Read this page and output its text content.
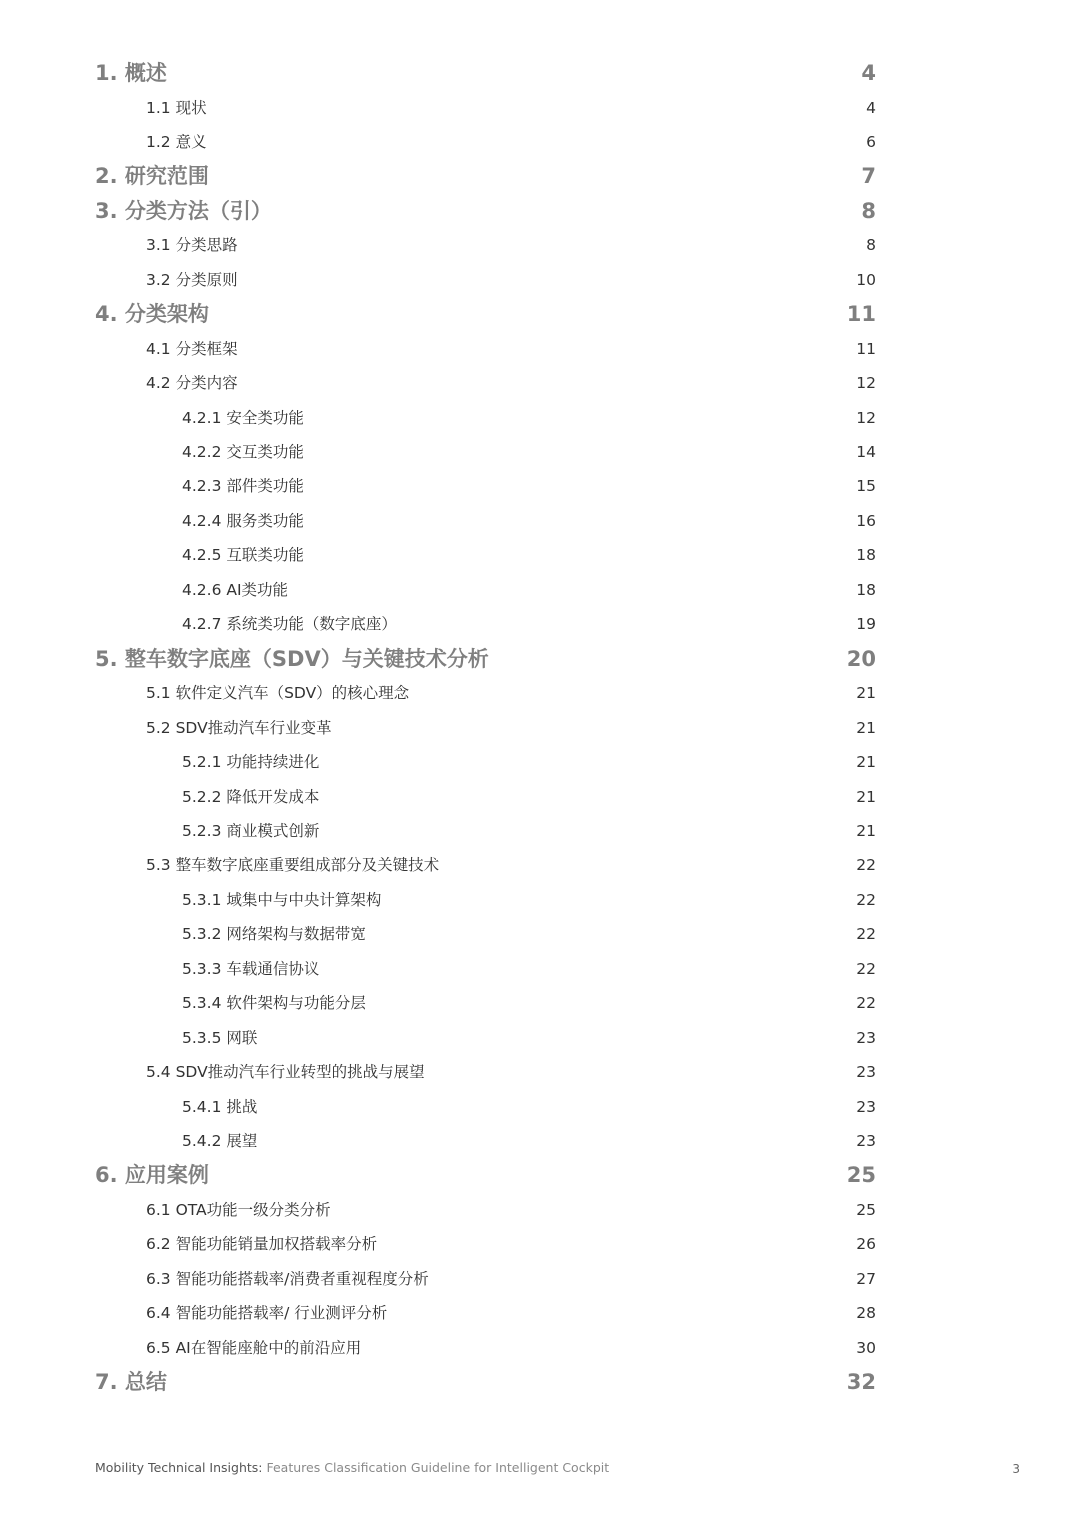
1. 概述	4
1.1 现状	4
1.2 意义	6
2. 研究范围	7
3. 分类方法（引）	8
3.1 分类思路	8
3.2 分类原则	10
4. 分类架构	11
4.1 分类框架	11
4.2 分类内容	12
4.2.1 安全类功能	12
4.2.2 交互类功能	14
4.2.3 部件类功能	15
4.2.4 服务类功能	16
4.2.5 互联类功能	18
4.2.6 AI类功能	18
4.2.7 系统类功能（数字底座）	19
5. 整车数字底座（SDV）与关键技术分析	20
5.1 软件定义汽车（SDV）的核心理念	21
5.2 SDV推动汽车行业变革	21
5.2.1 功能持续进化	21
5.2.2 降低开发成本	21
5.2.3 商业模式创新	21
5.3 整车数字底座重要组成部分及关键技术	22
5.3.1 域集中与中央计算架构	22
5.3.2 网络架构与数据带宽	22
5.3.3 车载通信协议	22
5.3.4 软件架构与功能分层	22
5.3.5 网联	23
5.4 SDV推动汽车行业转型的挑战与展望	23
5.4.1 挑战	23
5.4.2 展望	23
6. 应用案例	25
6.1 OTA功能一级分类分析	25
6.2 智能功能销量加权搭载率分析	26
6.3 智能功能搭载率/消费者重视程度分析	27
6.4 智能功能搭载率/ 行业测评分析	28
6.5 AI在智能座舱中的前沿应用	30
7. 总结	32
Mobility Technical Insights: Features Classification Guideline for Intelligent Cockpit	3
